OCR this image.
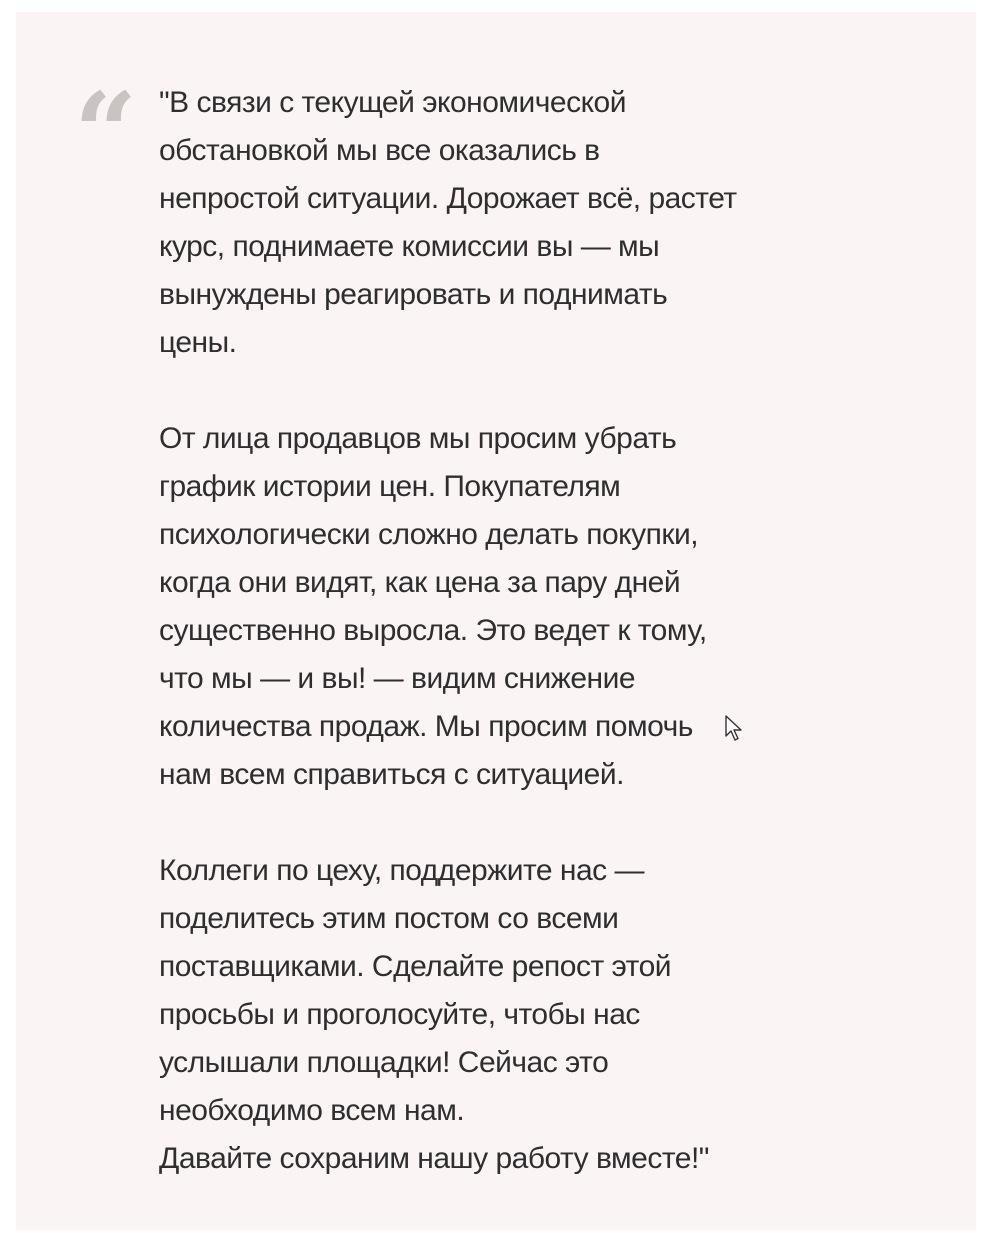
“ "В связи с текущей экономической
обстановкой мы все оказались в
непростой ситуации. Дорожает всё, растет
курс, поднимаете комиссии вы — мы
вынуждены реагировать и поднимать
цены.

От лица продавцов мы просим убрать
график истории цен. Покупателям
психологически сложно делать покупки,
когда они видят, как цена за пару дней
существенно выросла. Это ведет к тому,
что мы — и вы! — видим снижение
количества продаж. Мы просим помочь
нам всем справиться с ситуацией.

Коллеги по цеху, поддержите нас —
поделитесь этим постом со всеми
поставщиками. Сделайте репост этой
просьбы и проголосуйте, чтобы нас
услышали площадки! Сейчас это
необходимо всем нам.
Давайте сохраним нашу работу вместе!"
